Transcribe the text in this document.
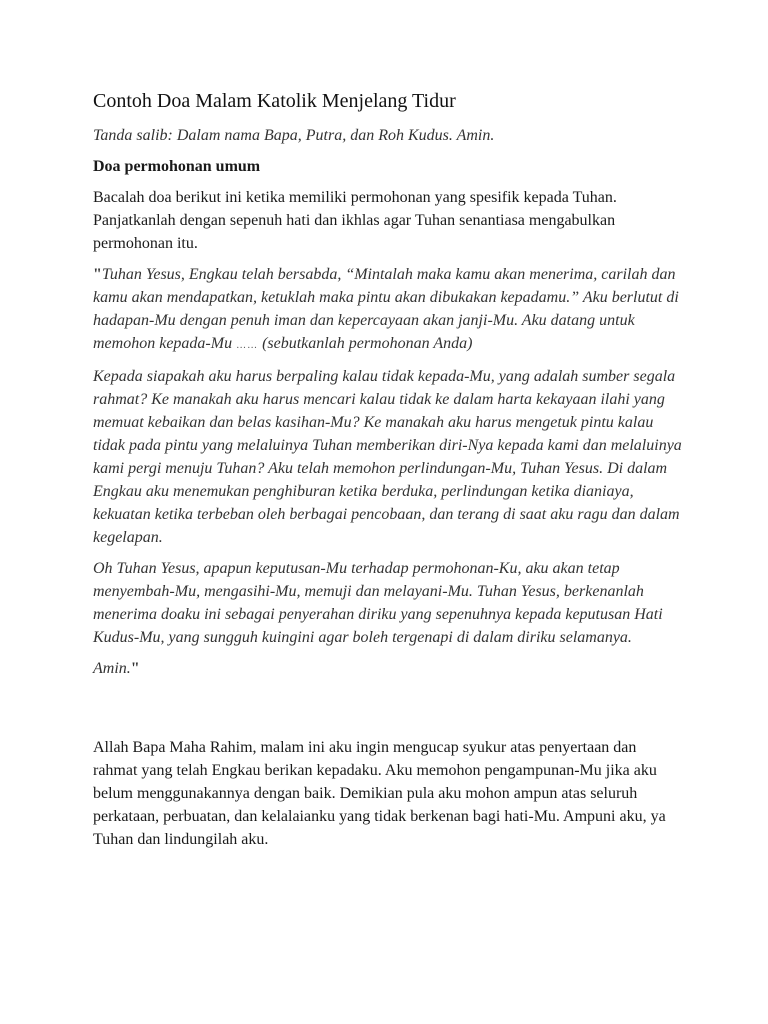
Contoh Doa Malam Katolik Menjelang Tidur

Tanda salib: Dalam nama Bapa, Putra, dan Roh Kudus. Amin.

Doa permohonan umum

Bacalah doa berikut ini ketika memiliki permohonan yang spesifik kepada Tuhan. Panjatkanlah dengan sepenuh hati dan ikhlas agar Tuhan senantiasa mengabulkan permohonan itu.

"Tuhan Yesus, Engkau telah bersabda, “Mintalah maka kamu akan menerima, carilah dan kamu akan mendapatkan, ketuklah maka pintu akan dibukakan kepadamu.” Aku berlutut di hadapan-Mu dengan penuh iman dan kepercayaan akan janji-Mu. Aku datang untuk memohon kepada-Mu …… (sebutkanlah permohonan Anda)

Kepada siapakah aku harus berpaling kalau tidak kepada-Mu, yang adalah sumber segala rahmat? Ke manakah aku harus mencari kalau tidak ke dalam harta kekayaan ilahi yang memuat kebaikan dan belas kasihan-Mu? Ke manakah aku harus mengetuk pintu kalau tidak pada pintu yang melaluinya Tuhan memberikan diri-Nya kepada kami dan melaluinya kami pergi menuju Tuhan? Aku telah memohon perlindungan-Mu, Tuhan Yesus. Di dalam Engkau aku menemukan penghiburan ketika berduka, perlindungan ketika dianiaya, kekuatan ketika terbeban oleh berbagai pencobaan, dan terang di saat aku ragu dan dalam kegelapan.

Oh Tuhan Yesus, apapun keputusan-Mu terhadap permohonan-Ku, aku akan tetap menyembah-Mu, mengasihi-Mu, memuji dan melayani-Mu. Tuhan Yesus, berkenanlah menerima doaku ini sebagai penyerahan diriku yang sepenuhnya kepada keputusan Hati Kudus-Mu, yang sungguh kuingini agar boleh tergenapi di dalam diriku selamanya.

Amin."

Allah Bapa Maha Rahim, malam ini aku ingin mengucap syukur atas penyertaan dan rahmat yang telah Engkau berikan kepadaku. Aku memohon pengampunan-Mu jika aku belum menggunakannya dengan baik. Demikian pula aku mohon ampun atas seluruh perkataan, perbuatan, dan kelalaianku yang tidak berkenan bagi hati-Mu. Ampuni aku, ya Tuhan dan lindungilah aku.
